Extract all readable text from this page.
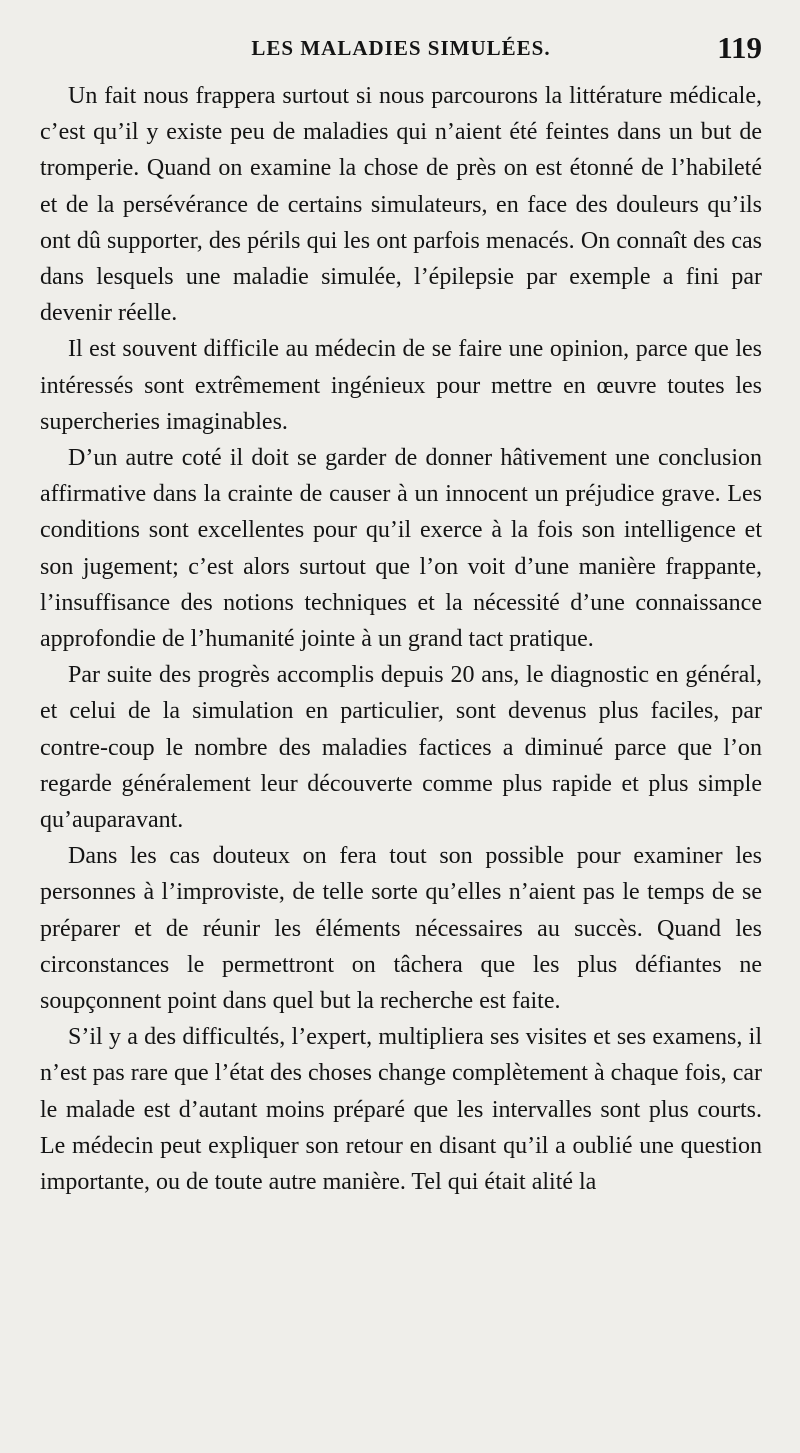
LES MALADIES SIMULÉES.	119

Un fait nous frappera surtout si nous parcourons la littérature médicale, c’est qu’il y existe peu de maladies qui n’aient été feintes dans un but de tromperie. Quand on examine la chose de près on est étonné de l’habileté et de la persévérance de certains simulateurs, en face des douleurs qu’ils ont dû supporter, des périls qui les ont parfois menacés. On connaît des cas dans lesquels une maladie simulée, l’épilepsie par exemple a fini par devenir réelle.

Il est souvent difficile au médecin de se faire une opinion, parce que les intéressés sont extrêmement ingénieux pour mettre en œuvre toutes les supercheries imaginables.

D’un autre coté il doit se garder de donner hâtivement une conclusion affirmative dans la crainte de causer à un innocent un préjudice grave. Les conditions sont excellentes pour qu’il exerce à la fois son intelligence et son jugement; c’est alors surtout que l’on voit d’une manière frappante, l’insuffisance des notions techniques et la nécessité d’une connaissance approfondie de l’humanité jointe à un grand tact pratique.

Par suite des progrès accomplis depuis 20 ans, le diagnostic en général, et celui de la simulation en particulier, sont devenus plus faciles, par contre-coup le nombre des maladies factices a diminué parce que l’on regarde généralement leur découverte comme plus rapide et plus simple qu’auparavant.

Dans les cas douteux on fera tout son possible pour examiner les personnes à l’improviste, de telle sorte qu’elles n’aient pas le temps de se préparer et de réunir les éléments nécessaires au succès. Quand les circonstances le permettront on tâchera que les plus défiantes ne soupçonnent point dans quel but la recherche est faite.

S’il y a des difficultés, l’expert, multipliera ses visites et ses examens, il n’est pas rare que l’état des choses change complètement à chaque fois, car le malade est d’autant moins préparé que les intervalles sont plus courts. Le médecin peut expliquer son retour en disant qu’il a oublié une question importante, ou de toute autre manière. Tel qui était alité la
